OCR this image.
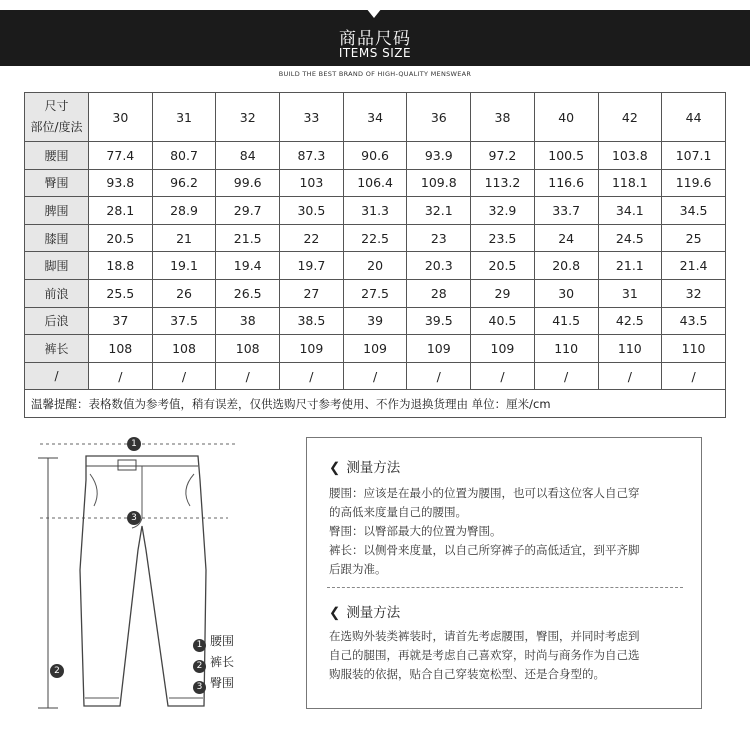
商品尺码
ITEMS SIZE
BUILD THE BEST BRAND OF HIGH-QUALITY MENSWEAR
尺寸
部位/度法	30	31	32	33	34	36	38	40	42	44
腰围	77.4	80.7	84	87.3	90.6	93.9	97.2	100.5	103.8	107.1
臀围	93.8	96.2	99.6	103	106.4	109.8	113.2	116.6	118.1	119.6
脾围	28.1	28.9	29.7	30.5	31.3	32.1	32.9	33.7	34.1	34.5
膝围	20.5	21	21.5	22	22.5	23	23.5	24	24.5	25
脚围	18.8	19.1	19.4	19.7	20	20.3	20.5	20.8	21.1	21.4
前浪	25.5	26	26.5	27	27.5	28	29	30	31	32
后浪	37	37.5	38	38.5	39	39.5	40.5	41.5	42.5	43.5
裤长	108	108	108	109	109	109	109	110	110	110
/	/	/	/	/	/	/	/	/	/	/
温馨提醒：表格数值为参考值，稍有误差，仅供选购尺寸参考使用、不作为退换货理由 单位：厘米/cm										
1
3
2
1 腰围
2 裤长
3 臀围
❮ 测量方法
腰围：应该是在最小的位置为腰围，也可以看这位客人自己穿
的高低来度量自己的腰围。
臀围：以臀部最大的位置为臀围。
裤长：以侧骨来度量，以自己所穿裤子的高低适宜，到平齐脚
后跟为准。
❮ 测量方法
在选购外装类裤装时，请首先考虑腰围，臀围，并同时考虑到
自己的腿围，再就是考虑自己喜欢穿，时尚与商务作为自己选
购服装的依据，贴合自己穿装宽松型、还是合身型的。
